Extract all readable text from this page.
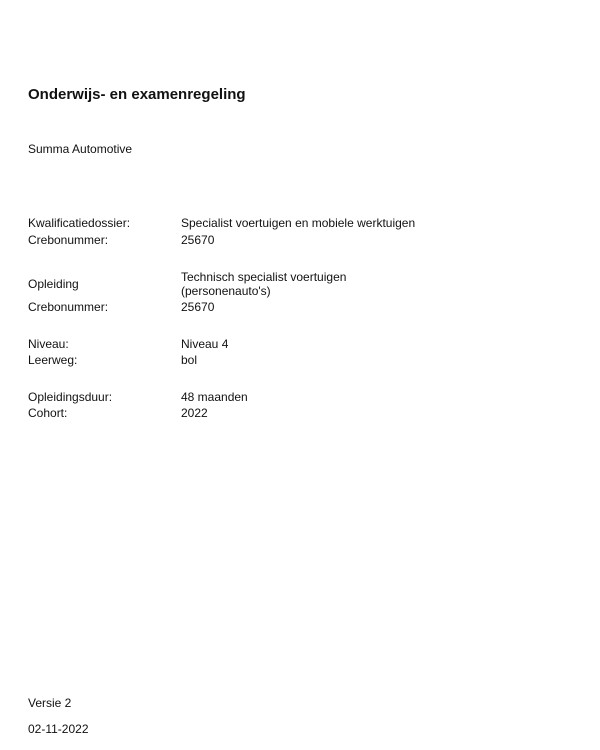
Onderwijs- en examenregeling
Summa Automotive
Kwalificatiedossier:	Specialist voertuigen en mobiele werktuigen
Crebonummer:	25670
Opleiding	Technisch specialist voertuigen (personenauto's)
Crebonummer:	25670
Niveau:	Niveau 4
Leerweg:	bol
Opleidingsduur:	48 maanden
Cohort:	2022
Versie 2
02-11-2022
